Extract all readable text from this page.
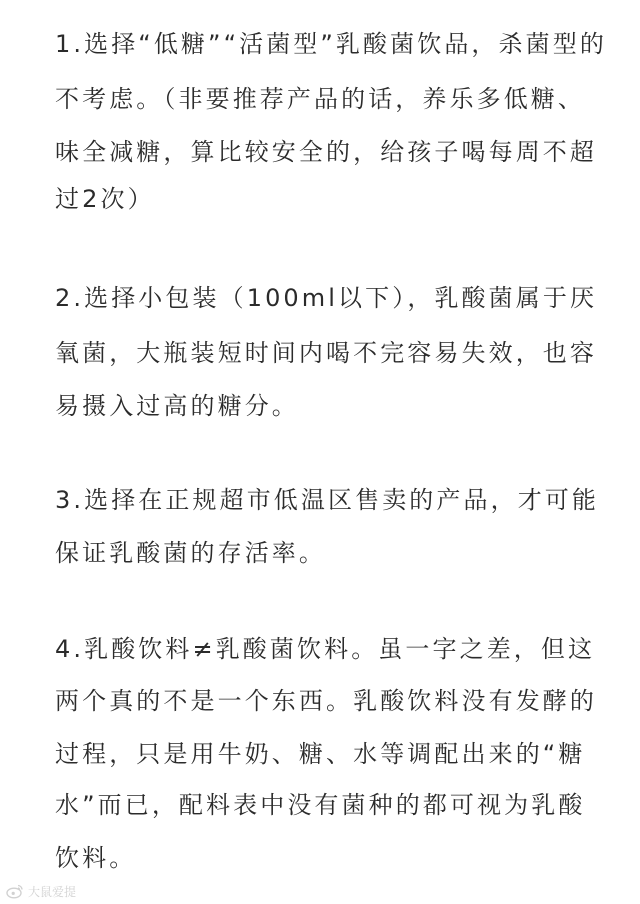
1.选择“低糖”“活菌型”乳酸菌饮品，杀菌型的
不考虑。（非要推荐产品的话，养乐多低糖、
味全减糖，算比较安全的，给孩子喝每周不超
过2次）
2.选择小包装（100ml以下），乳酸菌属于厌
氧菌，大瓶装短时间内喝不完容易失效，也容
易摄入过高的糖分。
3.选择在正规超市低温区售卖的产品，才可能
保证乳酸菌的存活率。
4.乳酸饮料≠乳酸菌饮料。虽一字之差，但这
两个真的不是一个东西。乳酸饮料没有发酵的
过程，只是用牛奶、糖、水等调配出来的“糖
水”而已，配料表中没有菌种的都可视为乳酸
饮料。
大鼠爱提
